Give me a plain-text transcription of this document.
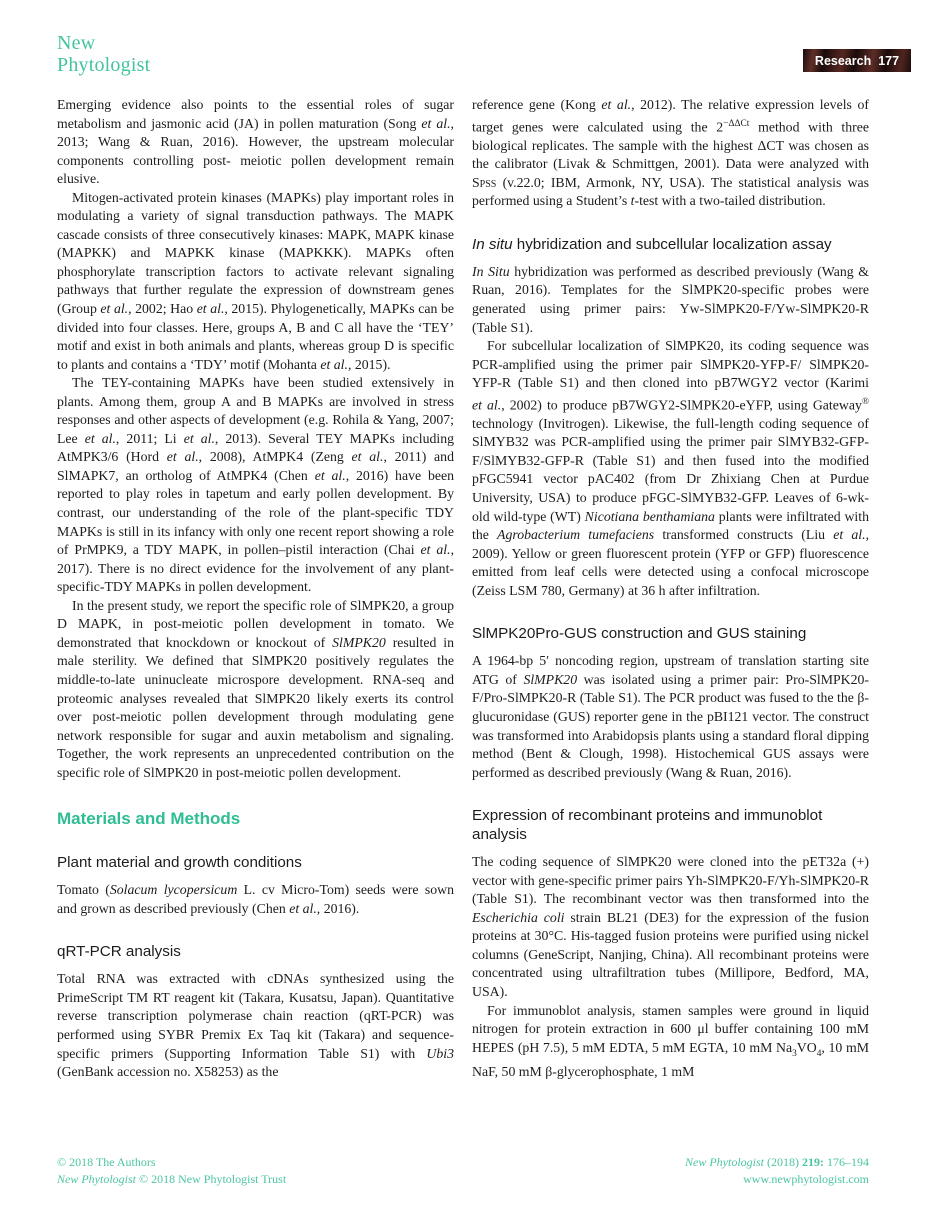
New
Phytologist	Research 177

Emerging evidence also points to the essential roles of sugar metabolism and jasmonic acid (JA) in pollen maturation (Song et al., 2013; Wang & Ruan, 2016). However, the upstream molecular components controlling post- meiotic pollen development remain elusive.

Mitogen-activated protein kinases (MAPKs) play important roles in modulating a variety of signal transduction pathways. The MAPK cascade consists of three consecutively kinases: MAPK, MAPK kinase (MAPKK) and MAPKK kinase (MAPKKK). MAPKs often phosphorylate transcription factors to activate relevant signaling pathways that further regulate the expression of downstream genes (Group et al., 2002; Hao et al., 2015). Phylogenetically, MAPKs can be divided into four classes. Here, groups A, B and C all have the ‘TEY’ motif and exist in both animals and plants, whereas group D is specific to plants and contains a ‘TDY’ motif (Mohanta et al., 2015).

The TEY-containing MAPKs have been studied extensively in plants. Among them, group A and B MAPKs are involved in stress responses and other aspects of development (e.g. Rohila & Yang, 2007; Lee et al., 2011; Li et al., 2013). Several TEY MAPKs including AtMPK3/6 (Hord et al., 2008), AtMPK4 (Zeng et al., 2011) and SlMAPK7, an ortholog of AtMPK4 (Chen et al., 2016) have been reported to play roles in tapetum and early pollen development. By contrast, our understanding of the role of the plant-specific TDY MAPKs is still in its infancy with only one recent report showing a role of PrMPK9, a TDY MAPK, in pollen–pistil interaction (Chai et al., 2017). There is no direct evidence for the involvement of any plant-specific-TDY MAPKs in pollen development.

In the present study, we report the specific role of SlMPK20, a group D MAPK, in post-meiotic pollen development in tomato. We demonstrated that knockdown or knockout of SlMPK20 resulted in male sterility. We defined that SlMPK20 positively regulates the middle-to-late uninucleate microspore development. RNA-seq and proteomic analyses revealed that SlMPK20 likely exerts its control over post-meiotic pollen development through modulating gene network responsible for sugar and auxin metabolism and signaling. Together, the work represents an unprecedented contribution on the specific role of SlMPK20 in post-meiotic pollen development.

Materials and Methods
Plant material and growth conditions

Tomato (Solacum lycopersicum L. cv Micro-Tom) seeds were sown and grown as described previously (Chen et al., 2016).

qRT-PCR analysis

Total RNA was extracted with cDNAs synthesized using the PrimeScript TM RT reagent kit (Takara, Kusatsu, Japan). Quantitative reverse transcription polymerase chain reaction (qRT-PCR) was performed using SYBR Premix Ex Taq kit (Takara) and sequence-specific primers (Supporting Information Table S1) with Ubi3 (GenBank accession no. X58253) as the

reference gene (Kong et al., 2012). The relative expression levels of target genes were calculated using the $2^{-\Delta\Delta Ct}$ method with three biological replicates. The sample with the highest ΔCT was chosen as the calibrator (Livak & Schmittgen, 2001). Data were analyzed with Spss (v.22.0; IBM, Armonk, NY, USA). The statistical analysis was performed using a Student’s t-test with a two-tailed distribution.

In situ hybridization and subcellular localization assay

In Situ hybridization was performed as described previously (Wang & Ruan, 2016). Templates for the SlMPK20-specific probes were generated using primer pairs: Yw-SlMPK20-F/Yw-SlMPK20-R (Table S1).

For subcellular localization of SlMPK20, its coding sequence was PCR-amplified using the primer pair SlMPK20-YFP-F/ SlMPK20-YFP-R (Table S1) and then cloned into pB7WGY2 vector (Karimi et al., 2002) to produce pB7WGY2-SlMPK20-eYFP, using Gateway® technology (Invitrogen). Likewise, the full-length coding sequence of SlMYB32 was PCR-amplified using the primer pair SlMYB32-GFP-F/SlMYB32-GFP-R (Table S1) and then fused into the modified pFGC5941 vector pAC402 (from Dr Zhixiang Chen at Purdue University, USA) to produce pFGC-SlMYB32-GFP. Leaves of 6-wk-old wild-type (WT) Nicotiana benthamiana plants were infiltrated with the Agrobacterium tumefaciens transformed constructs (Liu et al., 2009). Yellow or green fluorescent protein (YFP or GFP) fluorescence emitted from leaf cells were detected using a confocal microscope (Zeiss LSM 780, Germany) at 36 h after infiltration.

SlMPK20Pro-GUS construction and GUS staining

A 1964-bp 5′ noncoding region, upstream of translation starting site ATG of SlMPK20 was isolated using a primer pair: Pro-SlMPK20-F/Pro-SlMPK20-R (Table S1). The PCR product was fused to the the β-glucuronidase (GUS) reporter gene in the pBI121 vector. The construct was transformed into Arabidopsis plants using a standard floral dipping method (Bent & Clough, 1998). Histochemical GUS assays were performed as described previously (Wang & Ruan, 2016).

Expression of recombinant proteins and immunoblot analysis

The coding sequence of SlMPK20 were cloned into the pET32a (+) vector with gene-specific primer pairs Yh-SlMPK20-F/Yh-SlMPK20-R (Table S1). The recombinant vector was then transformed into the Escherichia coli strain BL21 (DE3) for the expression of the fusion proteins at 30°C. His-tagged fusion proteins were purified using nickel columns (GeneScript, Nanjing, China). All recombinant proteins were concentrated using ultrafiltration tubes (Millipore, Bedford, MA, USA).

For immunoblot analysis, stamen samples were ground in liquid nitrogen for protein extraction in 600 μl buffer containing 100 mM HEPES (pH 7.5), 5 mM EDTA, 5 mM EGTA, 10 mM $Na_3VO_4$, 10 mM NaF, 50 mM β-glycerophosphate, 1 mM

© 2018 The Authors
New Phytologist © 2018 New Phytologist Trust
New Phytologist (2018) 219: 176–194
www.newphytologist.com
